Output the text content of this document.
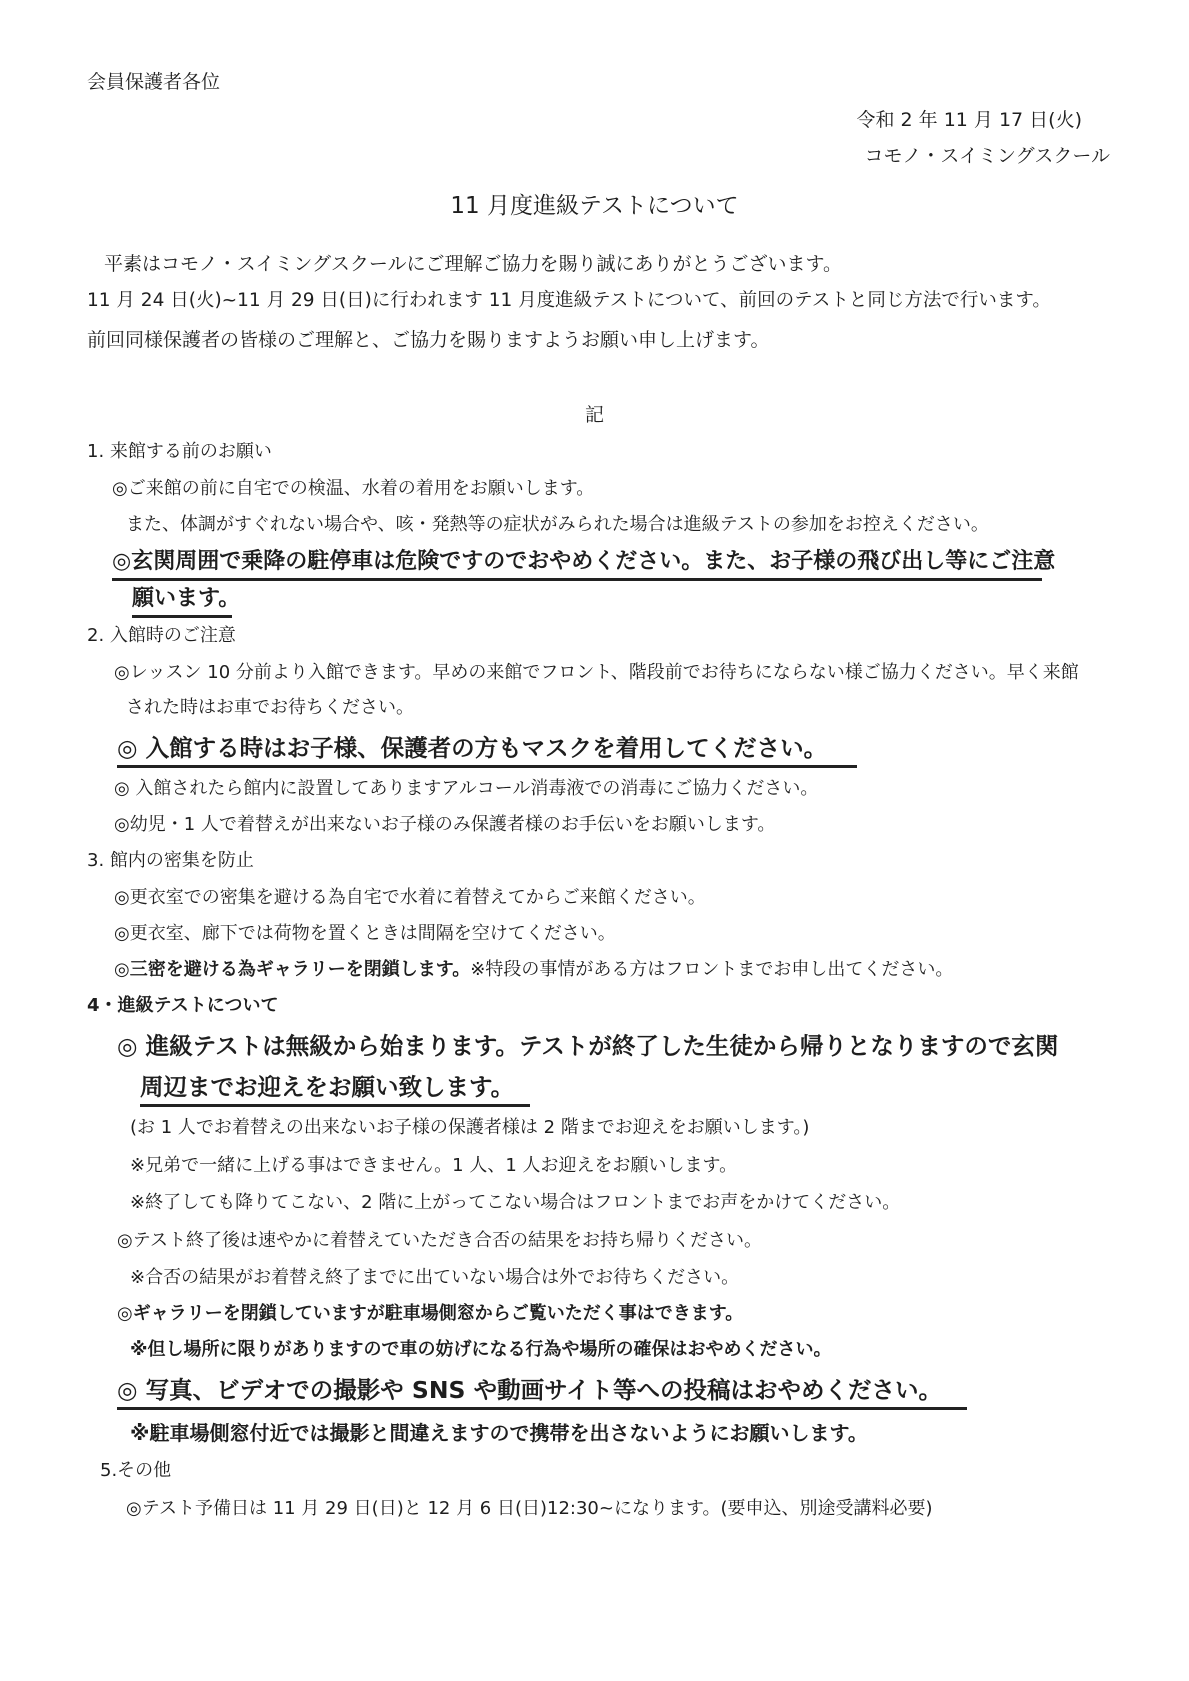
会員保護者各位
令和 2 年 11 月 17 日(火)
コモノ・スイミングスクール
11 月度進級テストについて
平素はコモノ・スイミングスクールにご理解ご協力を賜り誠にありがとうございます。
11 月 24 日(火)~11 月 29 日(日)に行われます 11 月度進級テストについて、前回のテストと同じ方法で行います。
前回同様保護者の皆様のご理解と、ご協力を賜りますようお願い申し上げます。
記
1. 来館する前のお願い
◎ご来館の前に自宅での検温、水着の着用をお願いします。
また、体調がすぐれない場合や、咳・発熱等の症状がみられた場合は進級テストの参加をお控えください。
◎玄関周囲で乗降の駐停車は危険ですのでおやめください。また、お子様の飛び出し等にご注意
願います。
2. 入館時のご注意
◎レッスン 10 分前より入館できます。早めの来館でフロント、階段前でお待ちにならない様ご協力ください。早く来館
された時はお車でお待ちください。
◎ 入館する時はお子様、保護者の方もマスクを着用してください。
◎ 入館されたら館内に設置してありますアルコール消毒液での消毒にご協力ください。
◎幼児・1 人で着替えが出来ないお子様のみ保護者様のお手伝いをお願いします。
3. 館内の密集を防止
◎更衣室での密集を避ける為自宅で水着に着替えてからご来館ください。
◎更衣室、廊下では荷物を置くときは間隔を空けてください。
◎三密を避ける為ギャラリーを閉鎖します。※特段の事情がある方はフロントまでお申し出てください。
4・進級テストについて
◎ 進級テストは無級から始まります。テストが終了した生徒から帰りとなりますので玄関
周辺までお迎えをお願い致します。
(お 1 人でお着替えの出来ないお子様の保護者様は 2 階までお迎えをお願いします。)
※兄弟で一緒に上げる事はできません。1 人、1 人お迎えをお願いします。
※終了しても降りてこない、2 階に上がってこない場合はフロントまでお声をかけてください。
◎テスト終了後は速やかに着替えていただき合否の結果をお持ち帰りください。
※合否の結果がお着替え終了までに出ていない場合は外でお待ちください。
◎ギャラリーを閉鎖していますが駐車場側窓からご覧いただく事はできます。
※但し場所に限りがありますので車の妨げになる行為や場所の確保はおやめください。
◎ 写真、ビデオでの撮影や SNS や動画サイト等への投稿はおやめください。
※駐車場側窓付近では撮影と間違えますので携帯を出さないようにお願いします。
5.その他
◎テスト予備日は 11 月 29 日(日)と 12 月 6 日(日)12:30~になります。(要申込、別途受講料必要)
